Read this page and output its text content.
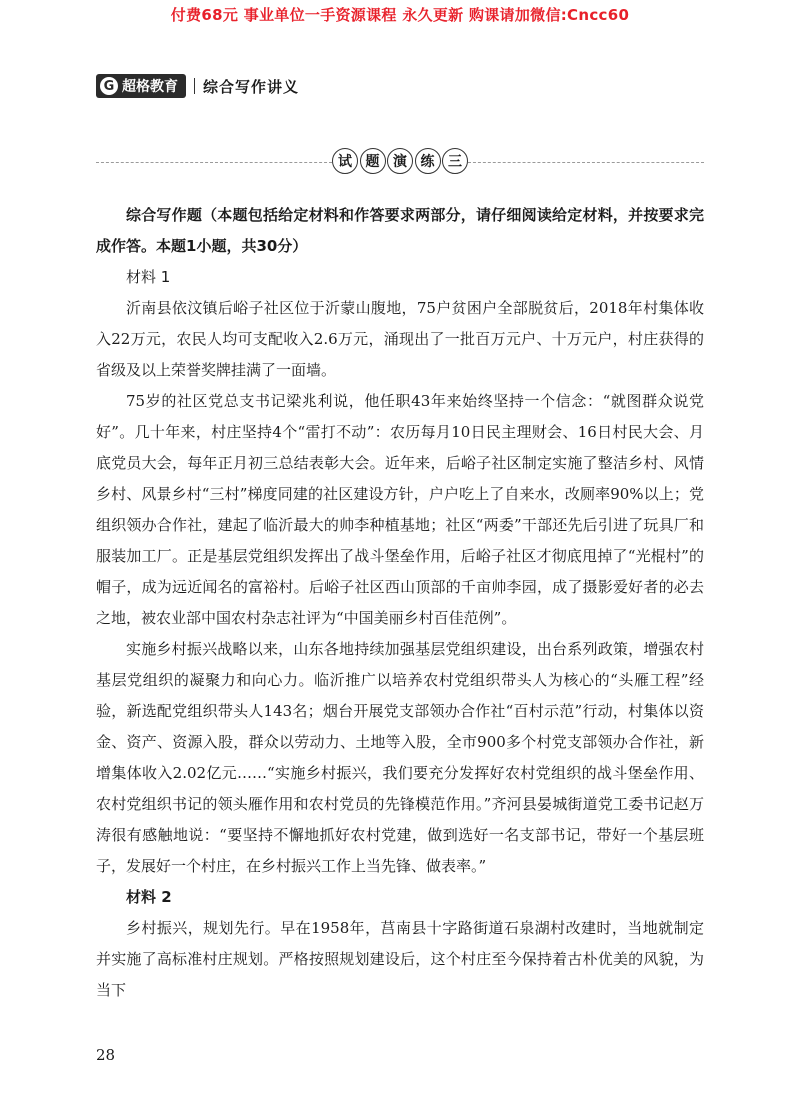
付费68元 事业单位一手资源课程 永久更新 购课请加微信:Cncc60
G 超格教育 综合写作讲义
试 题 演 练 三

综合写作题（本题包括给定材料和作答要求两部分，请仔细阅读给定材料，并按要求完成作答。本题1小题，共30分）

材料 1

沂南县依汶镇后峪子社区位于沂蒙山腹地，75户贫困户全部脱贫后，2018年村集体收入22万元，农民人均可支配收入2.6万元，涌现出了一批百万元户、十万元户，村庄获得的省级及以上荣誉奖牌挂满了一面墙。

75岁的社区党总支书记梁兆利说，他任职43年来始终坚持一个信念：“就图群众说党好”。几十年来，村庄坚持4个“雷打不动”：农历每月10日民主理财会、16日村民大会、月底党员大会，每年正月初三总结表彰大会。近年来，后峪子社区制定实施了整洁乡村、风情乡村、风景乡村“三村”梯度同建的社区建设方针，户户吃上了自来水，改厕率90%以上；党组织领办合作社，建起了临沂最大的帅李种植基地；社区“两委”干部还先后引进了玩具厂和服装加工厂。正是基层党组织发挥出了战斗堡垒作用，后峪子社区才彻底甩掉了“光棍村”的帽子，成为远近闻名的富裕村。后峪子社区西山顶部的千亩帅李园，成了摄影爱好者的必去之地，被农业部中国农村杂志社评为“中国美丽乡村百佳范例”。

实施乡村振兴战略以来，山东各地持续加强基层党组织建设，出台系列政策，增强农村基层党组织的凝聚力和向心力。临沂推广以培养农村党组织带头人为核心的“头雁工程”经验，新选配党组织带头人143名；烟台开展党支部领办合作社“百村示范”行动，村集体以资金、资产、资源入股，群众以劳动力、土地等入股，全市900多个村党支部领办合作社，新增集体收入2.02亿元……“实施乡村振兴，我们要充分发挥好农村党组织的战斗堡垒作用、农村党组织书记的领头雁作用和农村党员的先锋模范作用。”齐河县晏城街道党工委书记赵万涛很有感触地说：“要坚持不懈地抓好农村党建，做到选好一名支部书记，带好一个基层班子，发展好一个村庄，在乡村振兴工作上当先锋、做表率。”

材料 2

乡村振兴，规划先行。早在1958年，莒南县十字路街道石泉湖村改建时，当地就制定并实施了高标准村庄规划。严格按照规划建设后，这个村庄至今保持着古朴优美的风貌，为当下

28
